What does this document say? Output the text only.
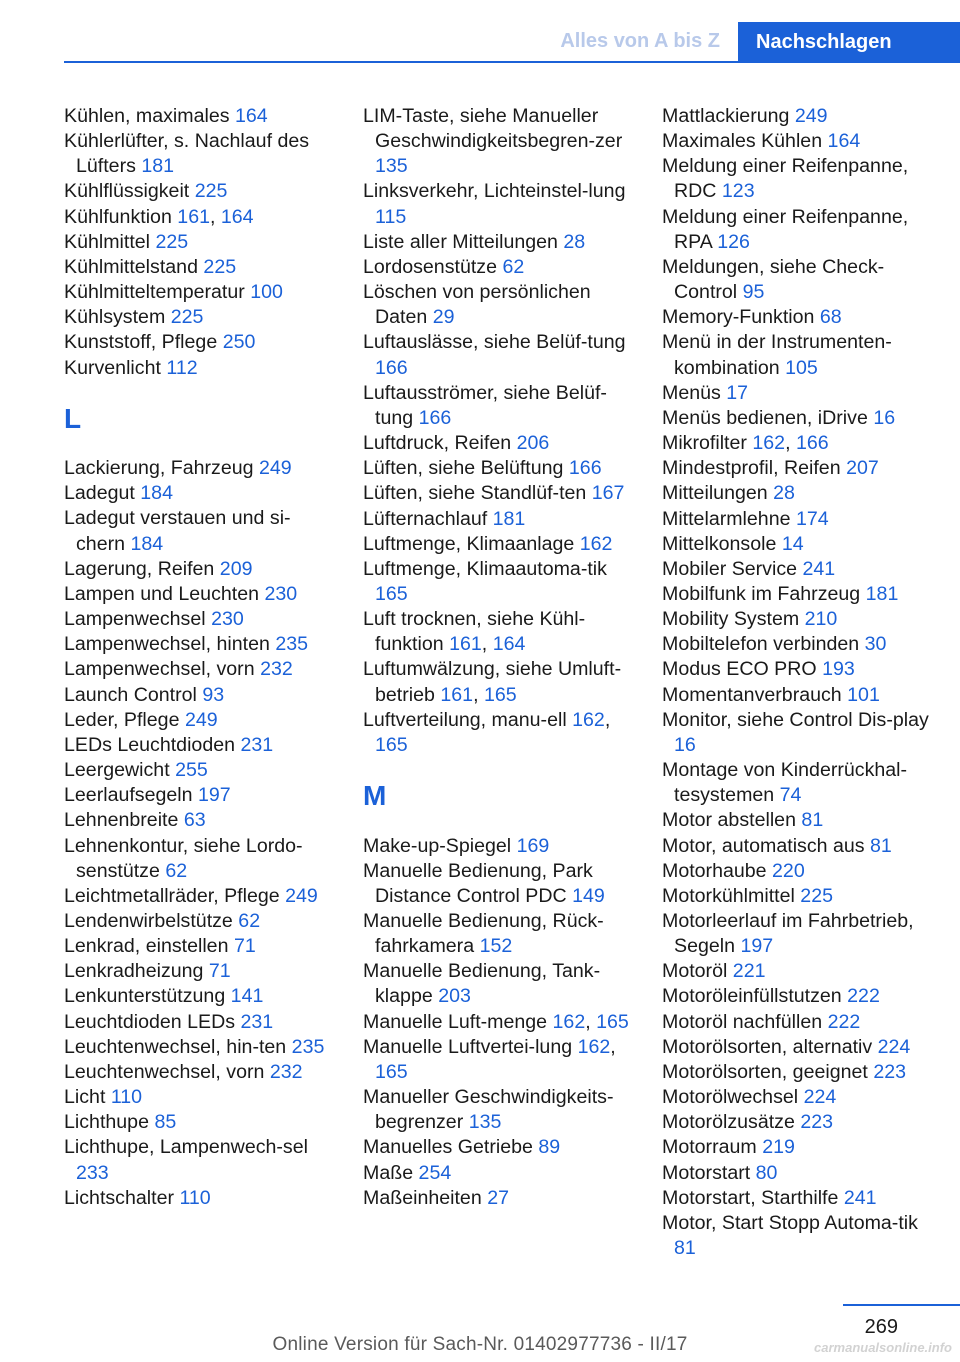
Alles von A bis Z	Nachschlagen
Kühlen, maximales 164
Kühlerlüfter, s. Nachlauf des Lüfters 181
Kühlflüssigkeit 225
Kühlfunktion 161, 164
Kühlmittel 225
Kühlmittelstand 225
Kühlmitteltemperatur 100
Kühlsystem 225
Kunststoff, Pflege 250
Kurvenlicht 112
L
Lackierung, Fahrzeug 249
Ladegut 184
Ladegut verstauen und si-chern 184
Lagerung, Reifen 209
Lampen und Leuchten 230
Lampenwechsel 230
Lampenwechsel, hinten 235
Lampenwechsel, vorn 232
Launch Control 93
Leder, Pflege 249
LEDs Leuchtdioden 231
Leergewicht 255
Leerlaufsegeln 197
Lehnenbreite 63
Lehnenkontur, siehe Lordo-senstütze 62
Leichtmetallräder, Pflege 249
Lendenwirbelstütze 62
Lenkrad, einstellen 71
Lenkradheizung 71
Lenkunterstützung 141
Leuchtdioden LEDs 231
Leuchtenwechsel, hin-ten 235
Leuchtenwechsel, vorn 232
Licht 110
Lichthupe 85
Lichthupe, Lampenwech-sel 233
Lichtschalter 110
LIM-Taste, siehe Manueller Geschwindigkeitsbegren-zer 135
Linksverkehr, Lichteinstel-lung 115
Liste aller Mitteilungen 28
Lordosenstütze 62
Löschen von persönlichen Daten 29
Luftauslässe, siehe Belüf-tung 166
Luftausströmer, siehe Belüf-tung 166
Luftdruck, Reifen 206
Lüften, siehe Belüftung 166
Lüften, siehe Standlüf-ten 167
Lüfternachlauf 181
Luftmenge, Klimaanlage 162
Luftmenge, Klimaautoma-tik 165
Luft trocknen, siehe Kühl-funktion 161, 164
Luftumwälzung, siehe Umluft-betrieb 161, 165
Luftverteilung, manu-ell 162, 165
M
Make-up-Spiegel 169
Manuelle Bedienung, Park Distance Control PDC 149
Manuelle Bedienung, Rück-fahrkamera 152
Manuelle Bedienung, Tank-klappe 203
Manuelle Luft-menge 162, 165
Manuelle Luftvertei-lung 162, 165
Manueller Geschwindigkeits-begrenzer 135
Manuelles Getriebe 89
Maße 254
Maßeinheiten 27
Mattlackierung 249
Maximales Kühlen 164
Meldung einer Reifenpanne, RDC 123
Meldung einer Reifenpanne, RPA 126
Meldungen, siehe Check-Control 95
Memory-Funktion 68
Menü in der Instrumenten-kombination 105
Menüs 17
Menüs bedienen, iDrive 16
Mikrofilter 162, 166
Mindestprofil, Reifen 207
Mitteilungen 28
Mittelarmlehne 174
Mittelkonsole 14
Mobiler Service 241
Mobilfunk im Fahrzeug 181
Mobility System 210
Mobiltelefon verbinden 30
Modus ECO PRO 193
Momentanverbrauch 101
Monitor, siehe Control Dis-play 16
Montage von Kinderrückhal-tesystemen 74
Motor abstellen 81
Motor, automatisch aus 81
Motorhaube 220
Motorkühlmittel 225
Motorleerlauf im Fahrbetrieb, Segeln 197
Motoröl 221
Motoröleinfüllstutzen 222
Motoröl nachfüllen 222
Motorölsorten, alternativ 224
Motorölsorten, geeignet 223
Motorölwechsel 224
Motorölzusätze 223
Motorraum 219
Motorstart 80
Motorstart, Starthilfe 241
Motor, Start Stopp Automa-tik 81
269
Online Version für Sach-Nr. 01402977736 - II/17	carmanualsonline.info
